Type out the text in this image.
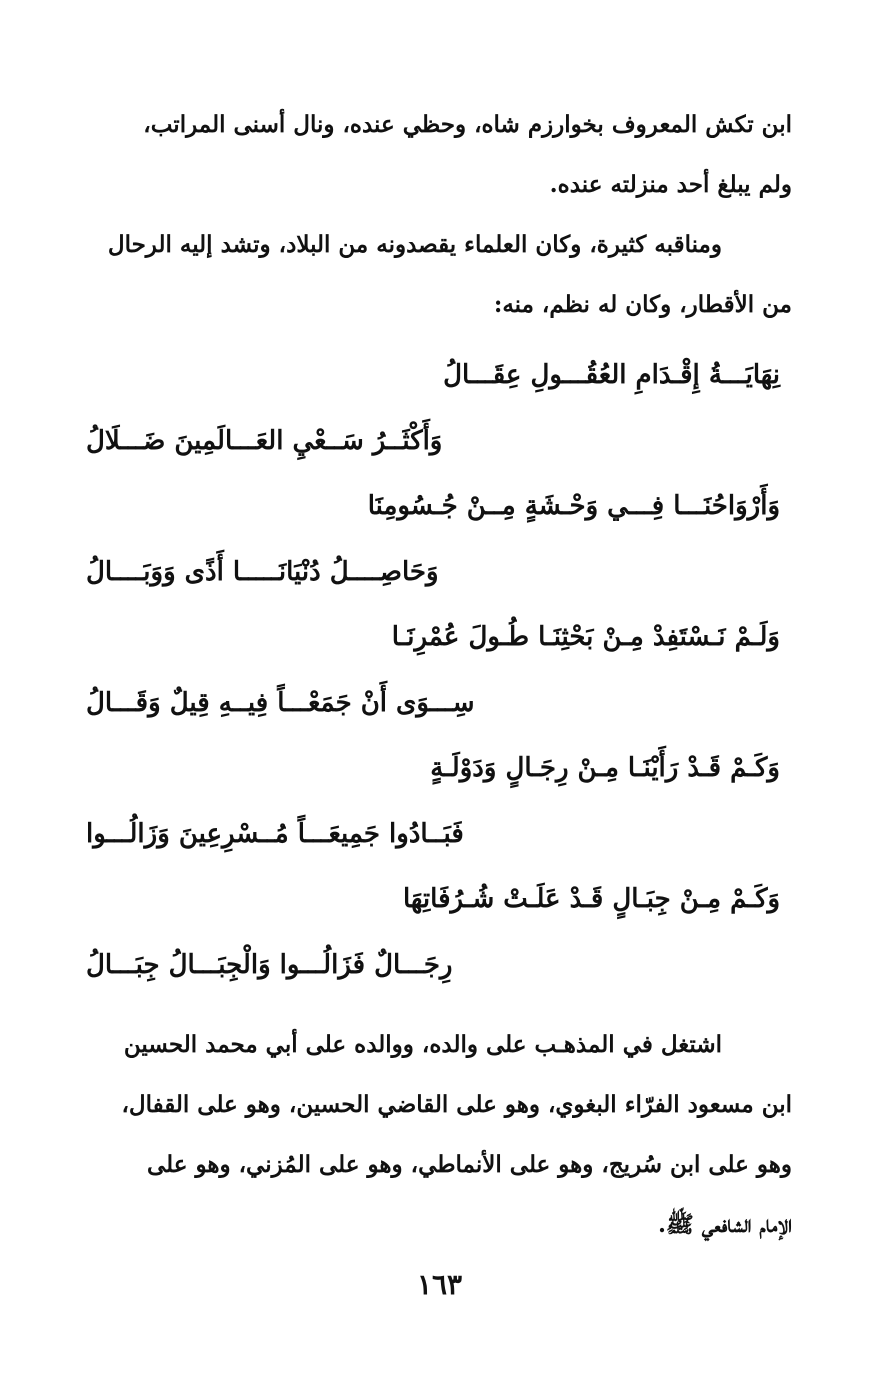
ابن تكش المعروف بخوارزم شاه، وحظي عنده، ونال أسنى المراتب،
ولم يبلغ أحد منزلته عنده.
ومناقبه كثيرة، وكان العلماء يقصدونه من البلاد، وتشد إليه الرحال
من الأقطار، وكان له نظم، منه:
نِهَايَـــةُ إِقْـدَامِ العُقُـــولِ عِقَـــالُ
وَأَكْثَــرُ سَــعْيِ العَـــالَمِينَ ضَـــلَالُ
وَأَرْوَاحُنَـــا فِـــي وَحْـشَةٍ مِــنْ جُـسُومِنَا
وَحَاصِــــلُ دُنْيَانَـــــا أَذًى وَوَبَــــالُ
وَلَـمْ نَـسْتَفِدْ مِـنْ بَحْثِنَـا طُـولَ عُمْرِنَـا
سِـــوَى أَنْ جَمَعْـــاً فِيــهِ قِيلٌ وَقَـــالُ
وَكَـمْ قَـدْ رَأَيْنَـا مِـنْ رِجَـالٍ وَدَوْلَـةٍ
فَبَــادُوا جَمِيعَـــاً مُــسْرِعِينَ وَزَالُـــوا
وَكَـمْ مِـنْ جِبَـالٍ قَـدْ عَلَـتْ شُـرُفَاتِهَا
رِجَـــالٌ فَزَالُـــوا وَالْجِبَـــالُ جِبَـــالُ
اشتغل في المذهـب على والده، ووالده على أبي محمد الحسين
ابن مسعود الفرّاء البغوي، وهو على القاضي الحسين، وهو على القفال،
وهو على ابن سُريج، وهو على الأنماطي، وهو على المُزني، وهو على
الإمام الشافعي ﷺ.
١٦٣
